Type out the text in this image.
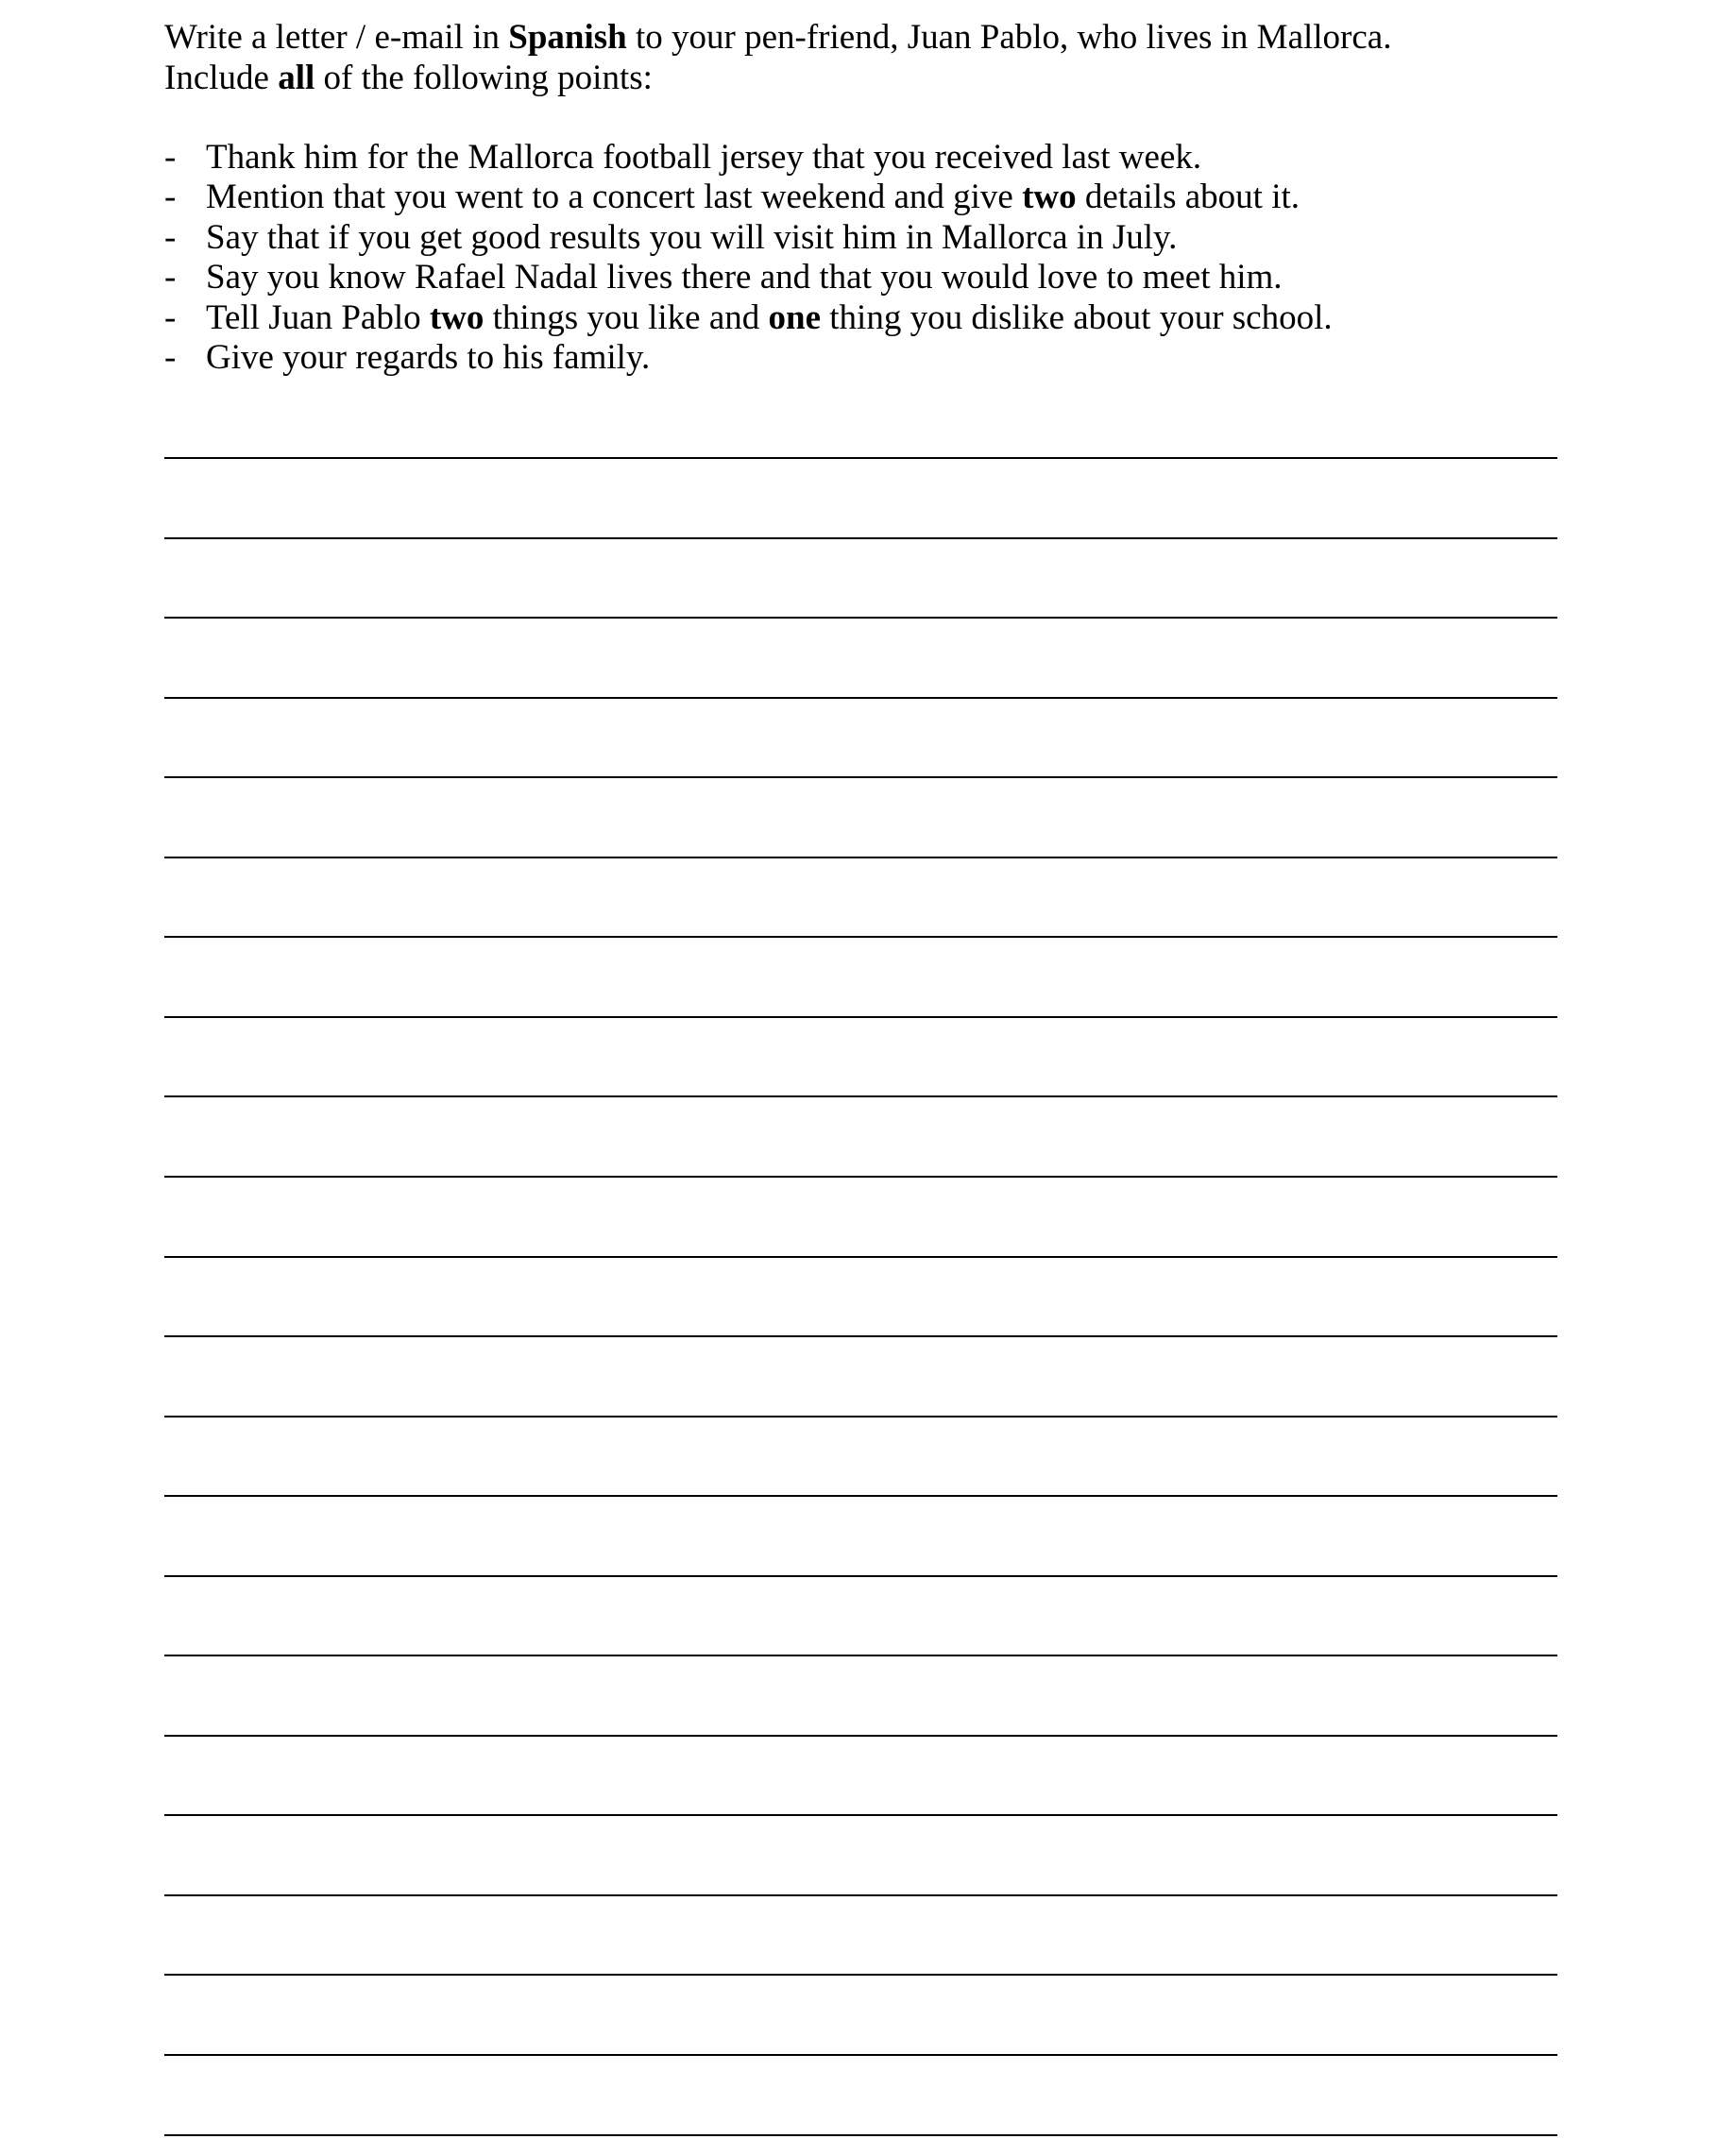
Write a letter / e-mail in Spanish to your pen-friend, Juan Pablo, who lives in Mallorca.

Include all of the following points:

- Thank him for the Mallorca football jersey that you received last week.
- Mention that you went to a concert last weekend and give two details about it.
- Say that if you get good results you will visit him in Mallorca in July.
- Say you know Rafael Nadal lives there and that you would love to meet him.
- Tell Juan Pablo two things you like and one thing you dislike about your school.
- Give your regards to his family.
